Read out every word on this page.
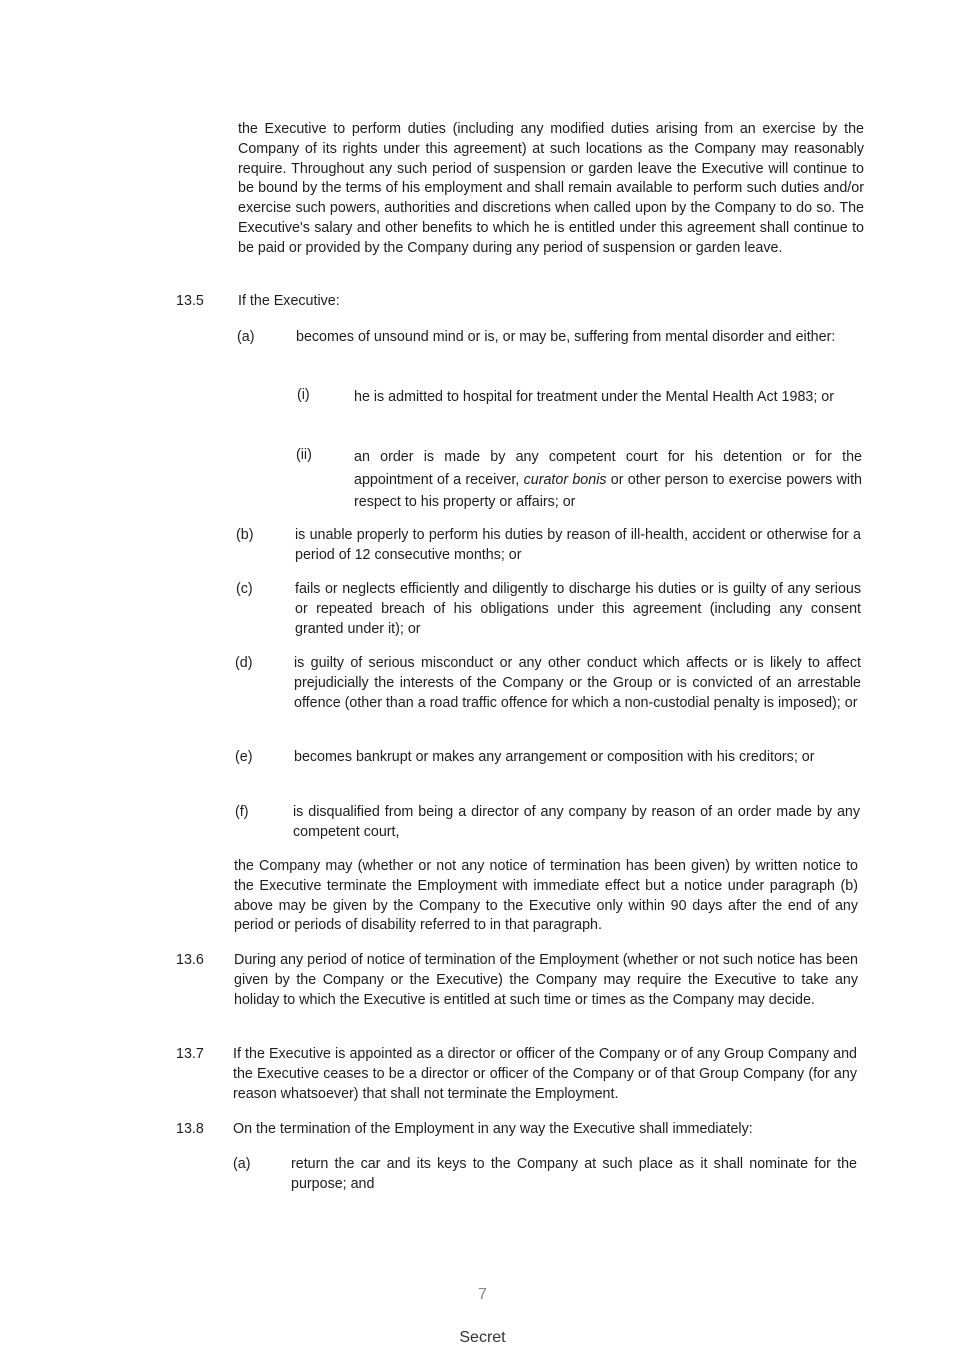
the Executive to perform duties (including any modified duties arising from an exercise by the Company of its rights under this agreement) at such locations as the Company may reasonably require. Throughout any such period of suspension or garden leave the Executive will continue to be bound by the terms of his employment and shall remain available to perform such duties and/or exercise such powers, authorities and discretions when called upon by the Company to do so. The Executive's salary and other benefits to which he is entitled under this agreement shall continue to be paid or provided by the Company during any period of suspension or garden leave.

13.5 If the Executive:

(a)	becomes of unsound mind or is, or may be, suffering from mental disorder and either:

(i)	he is admitted to hospital for treatment under the Mental Health Act 1983; or

(ii)	an order is made by any competent court for his detention or for the appointment of a receiver, curator bonis or other person to exercise powers with respect to his property or affairs; or

(b)	is unable properly to perform his duties by reason of ill-health, accident or otherwise for a period of 12 consecutive months; or

(c)	fails or neglects efficiently and diligently to discharge his duties or is guilty of any serious or repeated breach of his obligations under this agreement (including any consent granted under it); or

(d)	is guilty of serious misconduct or any other conduct which affects or is likely to affect prejudicially the interests of the Company or the Group or is convicted of an arrestable offence (other than a road traffic offence for which a non-custodial penalty is imposed); or

(e)	becomes bankrupt or makes any arrangement or composition with his creditors; or

(f)	is disqualified from being a director of any company by reason of an order made by any competent court,

the Company may (whether or not any notice of termination has been given) by written notice to the Executive terminate the Employment with immediate effect but a notice under paragraph (b) above may be given by the Company to the Executive only within 90 days after the end of any period or periods of disability referred to in that paragraph.

13.6 During any period of notice of termination of the Employment (whether or not such notice has been given by the Company or the Executive) the Company may require the Executive to take any holiday to which the Executive is entitled at such time or times as the Company may decide.

13.7 If the Executive is appointed as a director or officer of the Company or of any Group Company and the Executive ceases to be a director or officer of the Company or of that Group Company (for any reason whatsoever) that shall not terminate the Employment.

13.8 On the termination of the Employment in any way the Executive shall immediately:

(a)	return the car and its keys to the Company at such place as it shall nominate for the purpose; and

7
Secret
